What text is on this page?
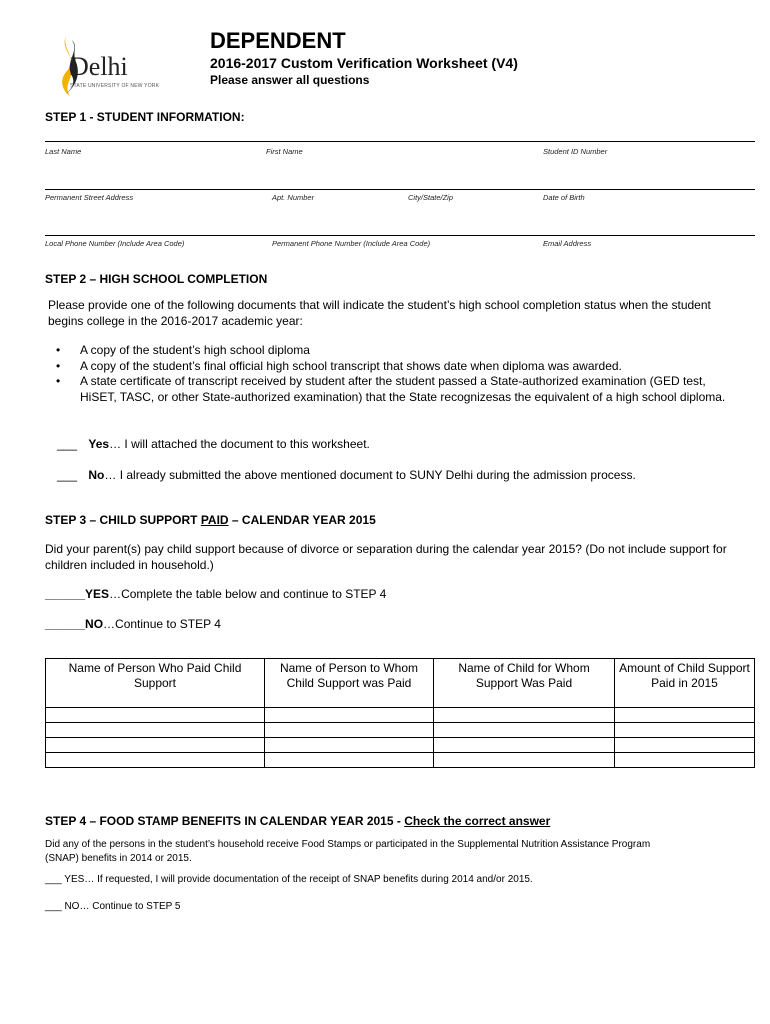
Delhi
STATE UNIVERSITY OF NEW YORK
DEPENDENT
2016-2017 Custom Verification Worksheet (V4)
Please answer all questions
STEP 1 - STUDENT INFORMATION:
Last Name	First Name	Student ID Number
Permanent Street Address	Apt. Number	City/State/Zip	Date of Birth
Local Phone Number (Include Area Code)	Permanent Phone Number (Include Area Code)	Email Address
STEP 2 – HIGH SCHOOL COMPLETION
Please provide one of the following documents that will indicate the student’s high school completion status when the student begins college in the 2016-2017 academic year:
• A copy of the student’s high school diploma
• A copy of the student’s final official high school transcript that shows date when diploma was awarded.
• A state certificate of transcript received by student after the student passed a State-authorized examination (GED test, HiSET, TASC, or other State-authorized examination) that the State recognizesas the equivalent of a high school diploma.
___ Yes… I will attached the document to this worksheet.
___ No… I already submitted the above mentioned document to SUNY Delhi during the admission process.
STEP 3 – CHILD SUPPORT PAID – CALENDAR YEAR 2015
Did your parent(s) pay child support because of divorce or separation during the calendar year 2015? (Do not include support for children included in household.)
______YES…Complete the table below and continue to STEP 4
______NO…Continue to STEP 4
Name of Person Who Paid Child Support	Name of Person to Whom Child Support was Paid	Name of Child for Whom Support Was Paid	Amount of Child Support
Paid in 2015

STEP 4 – FOOD STAMP BENEFITS IN CALENDAR YEAR 2015 - Check the correct answer
Did any of the persons in the student’s household receive Food Stamps or participated in the Supplemental Nutrition Assistance Program (SNAP) benefits in 2014 or 2015.
___ YES… If requested, I will provide documentation of the receipt of SNAP benefits during 2014 and/or 2015.
___ NO… Continue to STEP 5
